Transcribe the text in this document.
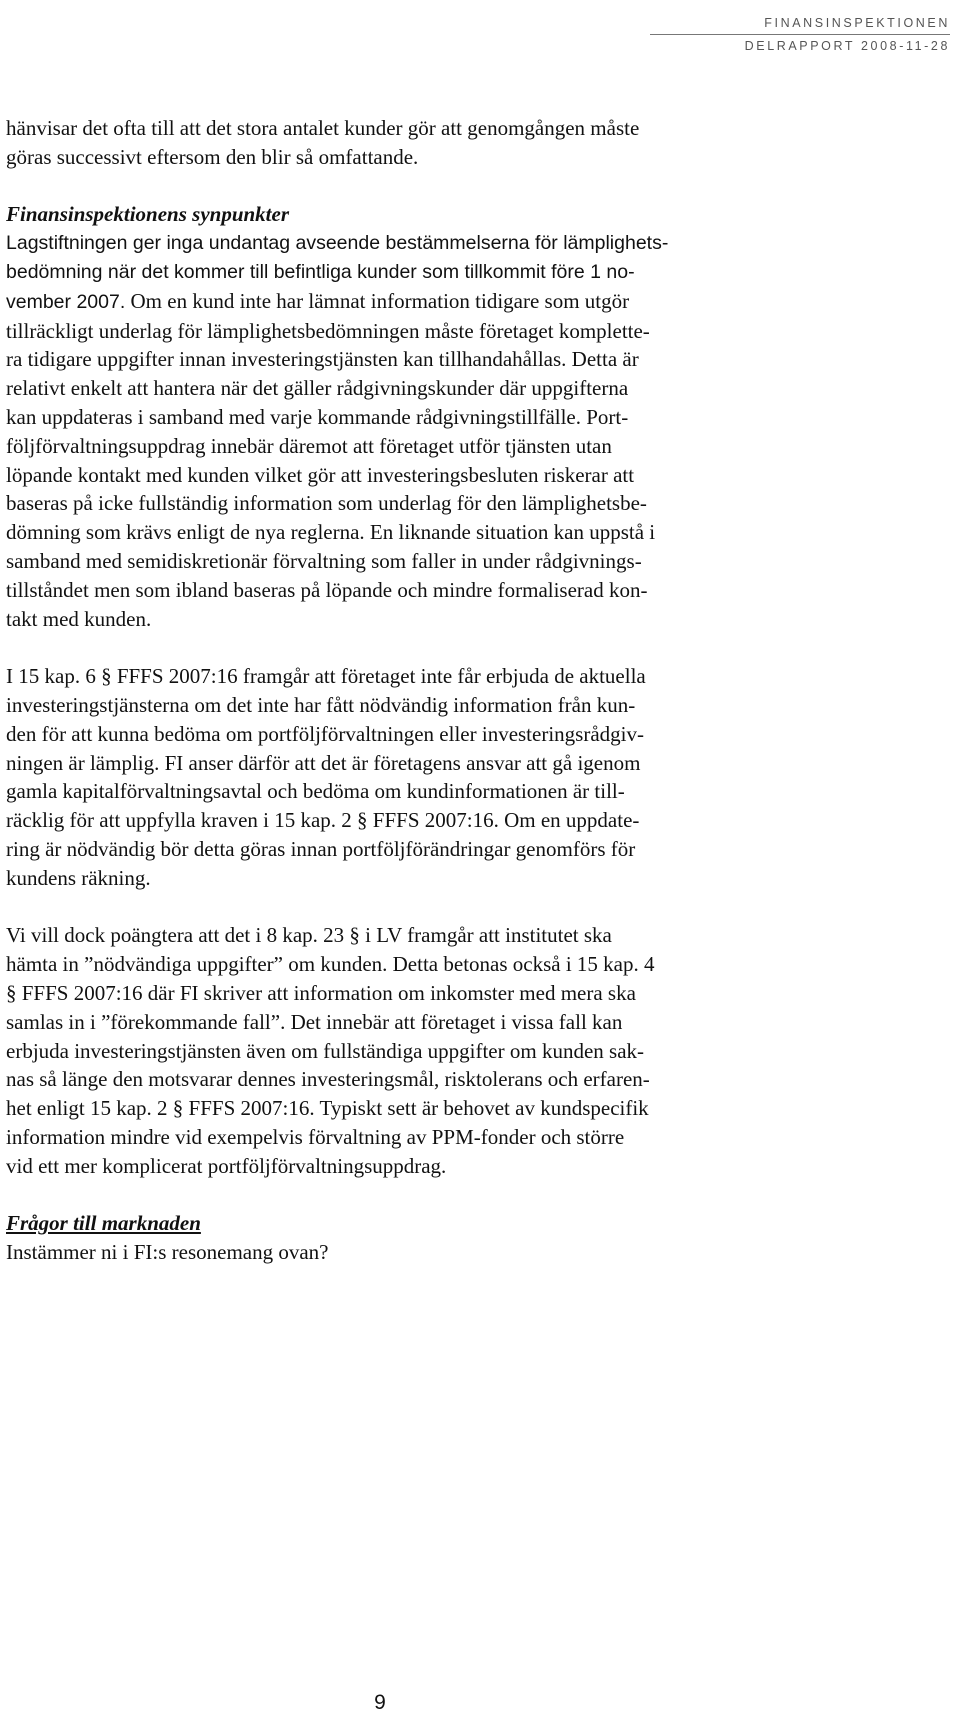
FINANSINSPEKTIONEN
DELRAPPORT 2008-11-28
hänvisar det ofta till att det stora antalet kunder gör att genomgången måste
göras successivt eftersom den blir så omfattande.
Finansinspektionens synpunkter
Lagstiftningen ger inga undantag avseende bestämmelserna för lämplighets-
bedömning när det kommer till befintliga kunder som tillkommit före 1 no-
vember 2007. Om en kund inte har lämnat information tidigare som utgör
tillräckligt underlag för lämplighetsbedömningen måste företaget komplette-
ra tidigare uppgifter innan investeringstjänsten kan tillhandahållas. Detta är
relativt enkelt att hantera när det gäller rådgivningskunder där uppgifterna
kan uppdateras i samband med varje kommande rådgivningstillfälle. Port-
följförvaltningsuppdrag innebär däremot att företaget utför tjänsten utan
löpande kontakt med kunden vilket gör att investeringsbesluten riskerar att
baseras på icke fullständig information som underlag för den lämplighetsbe-
dömning som krävs enligt de nya reglerna. En liknande situation kan uppstå i
samband med semidiskretionär förvaltning som faller in under rådgivnings-
tillståndet men som ibland baseras på löpande och mindre formaliserad kon-
takt med kunden.
I 15 kap. 6 § FFFS 2007:16 framgår att företaget inte får erbjuda de aktuella
investeringstjänsterna om det inte har fått nödvändig information från kun-
den för att kunna bedöma om portföljförvaltningen eller investeringsrådgiv-
ningen är lämplig. FI anser därför att det är företagens ansvar att gå igenom
gamla kapitalförvaltningsavtal och bedöma om kundinformationen är till-
räcklig för att uppfylla kraven i 15 kap. 2 § FFFS 2007:16. Om en uppdate-
ring är nödvändig bör detta göras innan portföljförändringar genomförs för
kundens räkning.
Vi vill dock poängtera att det i 8 kap. 23 § i LV framgår att institutet ska
hämta in ”nödvändiga uppgifter” om kunden. Detta betonas också i 15 kap. 4
§ FFFS 2007:16 där FI skriver att information om inkomster med mera ska
samlas in i ”förekommande fall”. Det innebär att företaget i vissa fall kan
erbjuda investeringstjänsten även om fullständiga uppgifter om kunden sak-
nas så länge den motsvarar dennes investeringsmål, risktolerans och erfaren-
het enligt 15 kap. 2 § FFFS 2007:16. Typiskt sett är behovet av kundspecifik
information mindre vid exempelvis förvaltning av PPM-fonder och större
vid ett mer komplicerat portföljförvaltningsuppdrag.
Frågor till marknaden
Instämmer ni i FI:s resonemang ovan?
9
